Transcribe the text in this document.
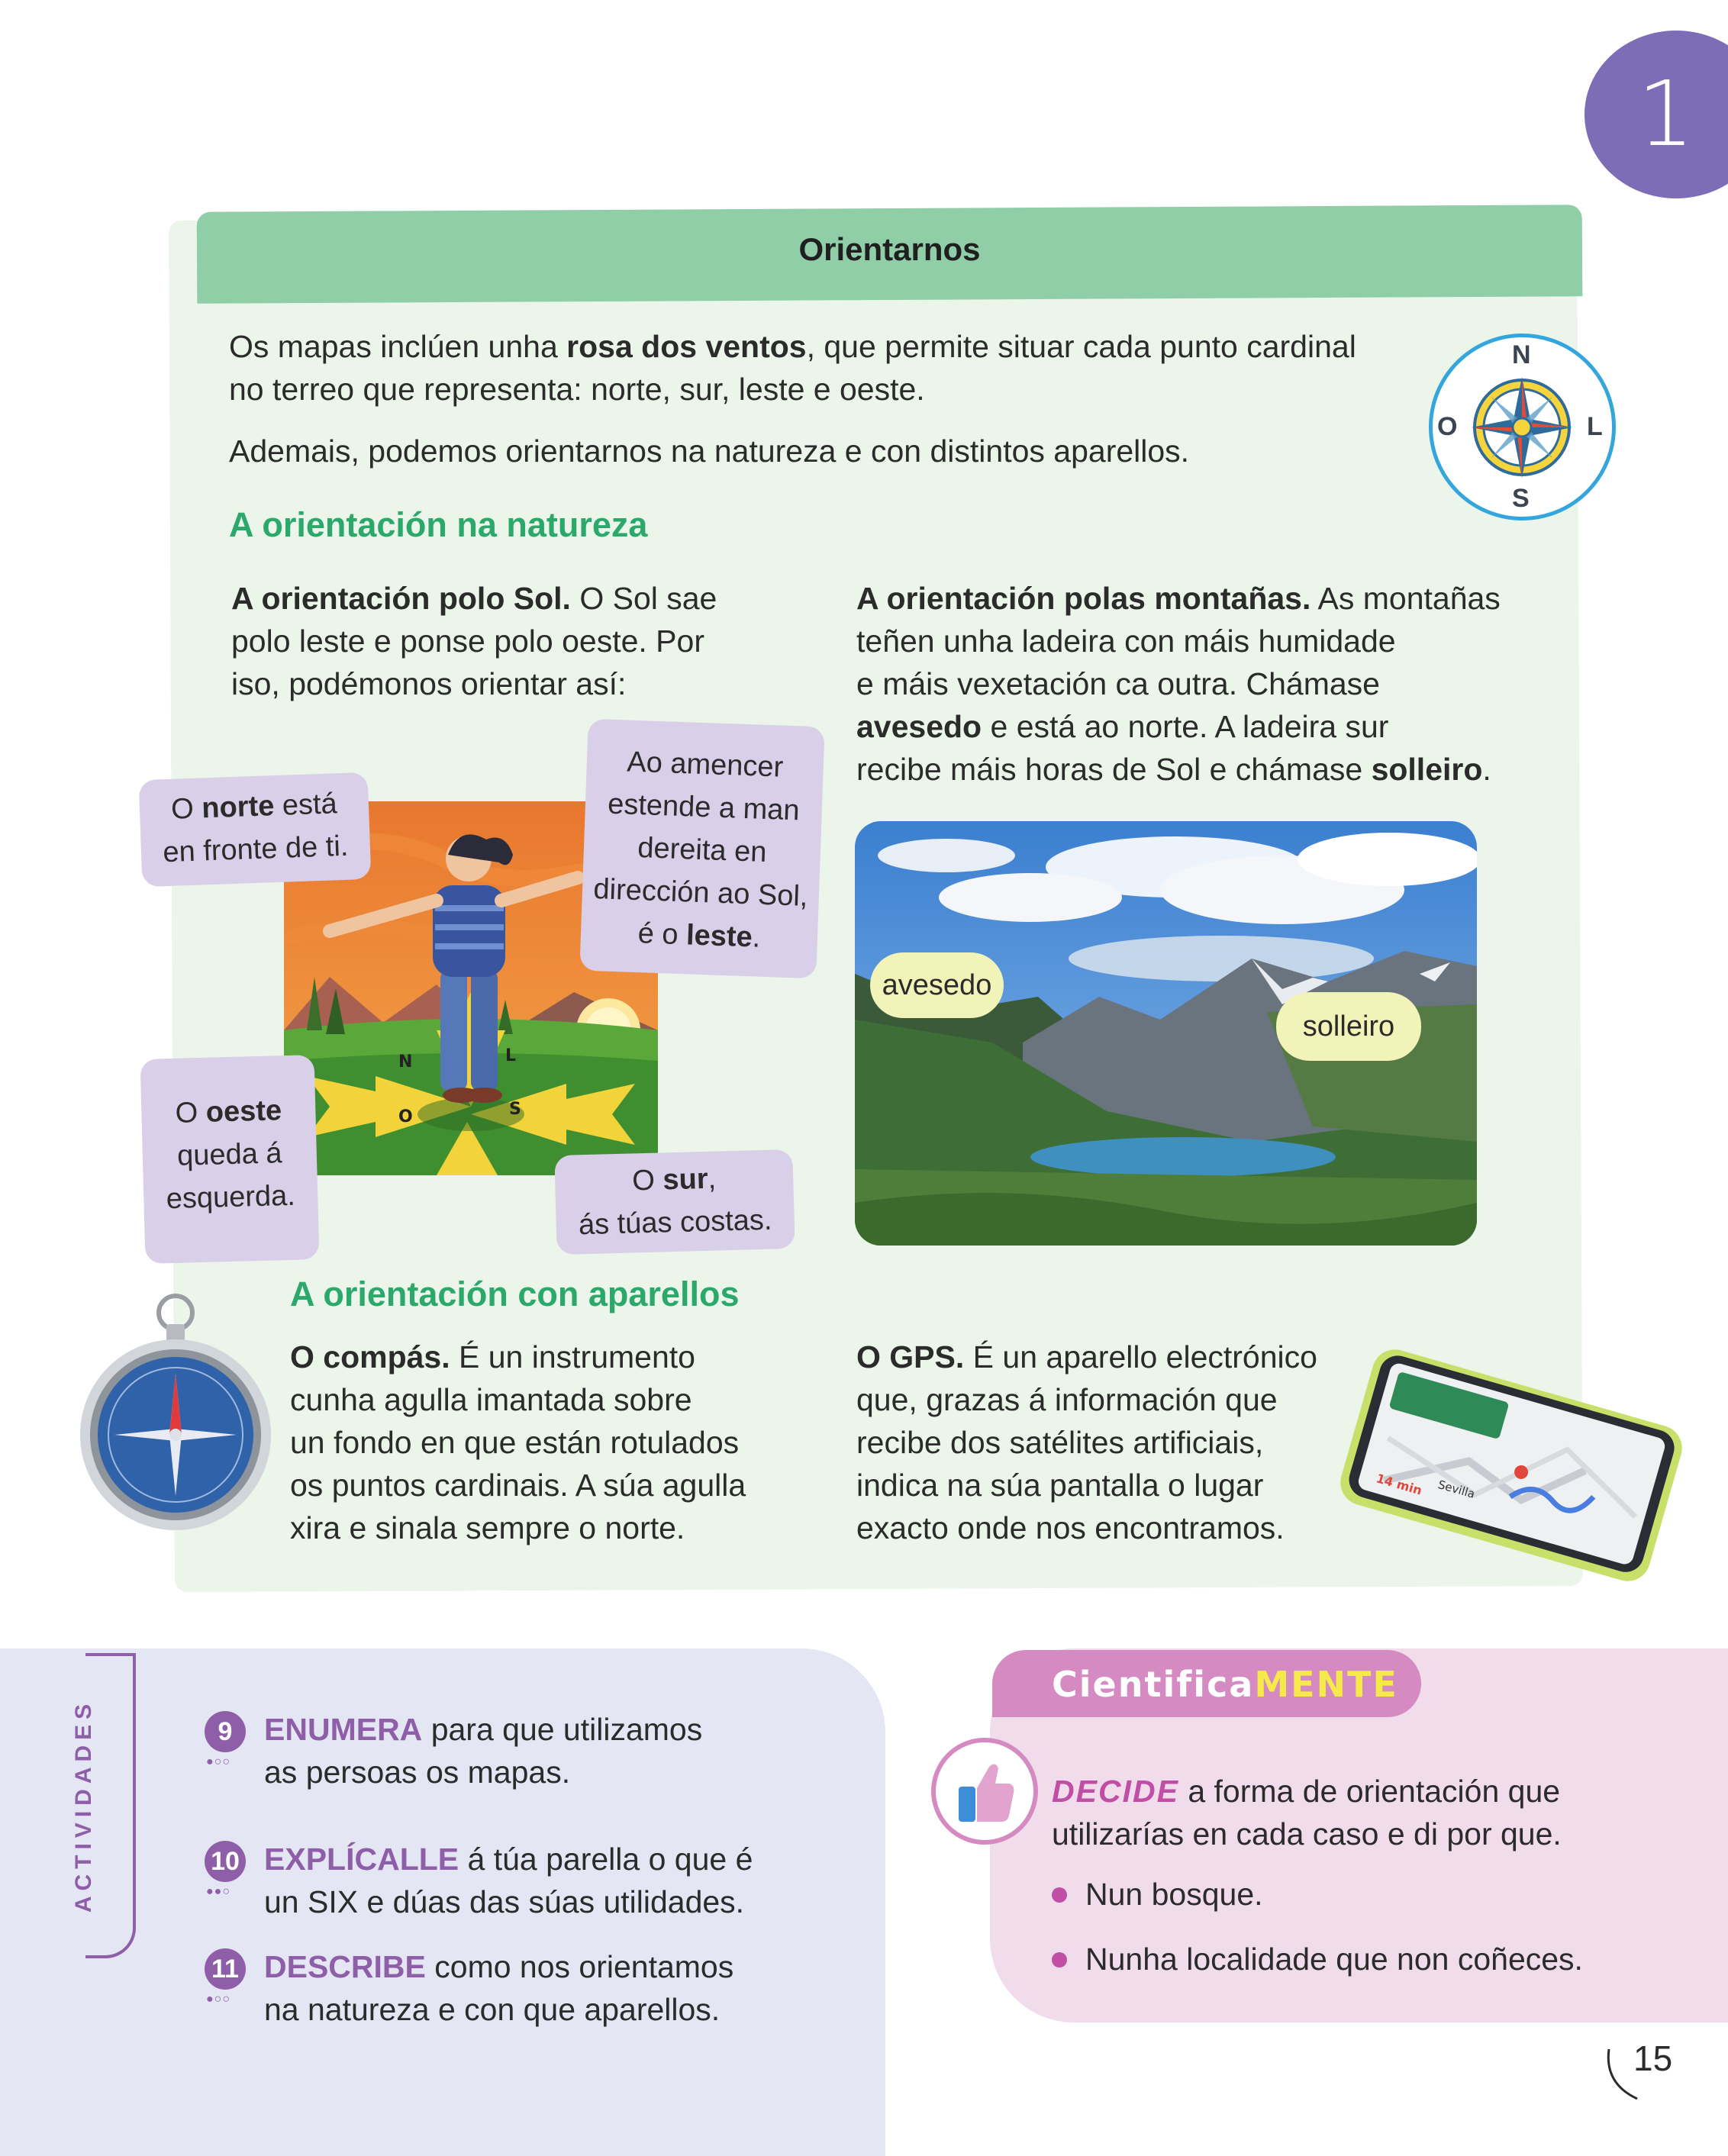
1
Orientarnos
Os mapas inclúen unha rosa dos ventos, que permite situar cada punto cardinal
no terreo que representa: norte, sur, leste e oeste.
Ademais, podemos orientarnos na natureza e con distintos aparellos.
N
S
L
O
A orientación na natureza
A orientación polo Sol. O Sol sae
polo leste e ponse polo oeste. Por
iso, podémonos orientar así:
A orientación polas montañas. As montañas
teñen unha ladeira con máis humidade
e máis vexetación ca outra. Chámase
avesedo e está ao norte. A ladeira sur
recibe máis horas de Sol e chámase solleiro.
N	L
O	S
O norte está
en fronte de ti.
Ao amencer
estende a man
dereita en
dirección ao Sol,
é o leste.
O oeste
queda á
esquerda.	O sur,
ás túas costas.
avesedo
solleiro
A orientación con aparellos
O compás. É un instrumento
cunha agulla imantada sobre
un fondo en que están rotulados
os puntos cardinais. A súa agulla
xira e sinala sempre o norte.
O GPS. É un aparello electrónico
que, grazas á información que
recibe dos satélites artificiais,
indica na súa pantalla o lugar
exacto onde nos encontramos.
Sevilla
14 min
ACTIVIDADES	9
●○○
ENUMERA para que utilizamos
as persoas os mapas.
10
●●○
EXPLÍCALLE á túa parella o que é
un SIX e dúas das súas utilidades.
11
●○○
DESCRIBE como nos orientamos
na natureza e con que aparellos.
CientificaMENTE
DECIDE a forma de orientación que
utilizarías en cada caso e di por que.
Nun bosque.
Nunha localidade que non coñeces.
15
